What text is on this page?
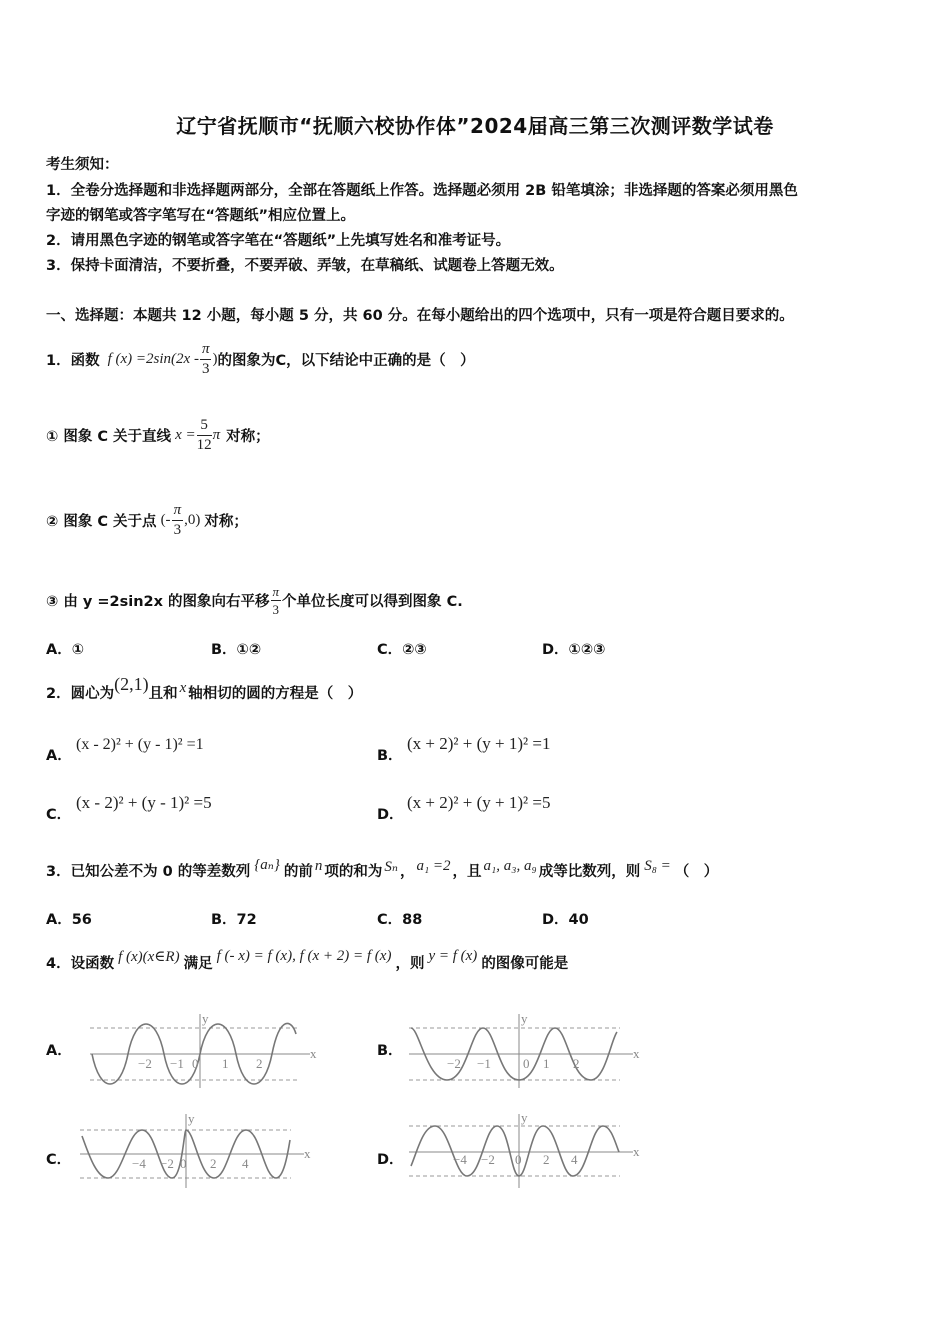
辽宁省抚顺市“抚顺六校协作体”2024届高三第三次测评数学试卷
考生须知：
1．全卷分选择题和非选择题两部分，全部在答题纸上作答。选择题必须用 2B 铅笔填涂；非选择题的答案必须用黑色
字迹的钢笔或答字笔写在“答题纸”相应位置上。
2．请用黑色字迹的钢笔或答字笔在“答题纸”上先填写姓名和准考证号。
3．保持卡面清洁，不要折叠，不要弄破、弄皱，在草稿纸、试题卷上答题无效。
一、选择题：本题共 12 小题，每小题 5 分，共 60 分。在每小题给出的四个选项中，只有一项是符合题目要求的。
1．函数 f $(x) =2\sin(2x - \frac{\pi}{3}$ ) 的图象为C，以下结论中正确的是（　）
① 图象 C 关于直线 $x = \frac{5}{12}$ π 对称；
② 图象 C 关于点 (- $\frac{\pi}{3} ,0$) 对称；
③ 由 y =2sin2x 的图象向右平移 $\frac{\pi}{3}$ 个单位长度可以得到图象 C.
A．①	B．①②	C．②③	D．①②③
2．圆心为 (2,1) 且和 x 轴相切的圆的方程是（　）
A．
(x - 2)² + (y - 1)² =1
B．
(x + 2)² + (y + 1)² =1
C．
(x - 2)² + (y - 1)² =5
D．
(x + 2)² + (y + 1)² =5
3．已知公差不为 0 的等差数列 {aₙ} 的前 n 项的和为 Sₙ ， a₁ =2 ，且 a₁, a₃, a₉ 成等比数列，则 S₈ = （　）
A．56	B．72	C．88	D．40
4．设函数 f (x)(x∈R) 满足 f (- x) = f (x), f (x + 2) = f (x) ，则 y = f (x) 的图像可能是
A．	B．
C．	D．
y
x
−2 −1 0 1 2
y
x
−2 −1 0 1 2
y
x
−4 −2 0 2 4
y
x
−4 −2 0 2 4
